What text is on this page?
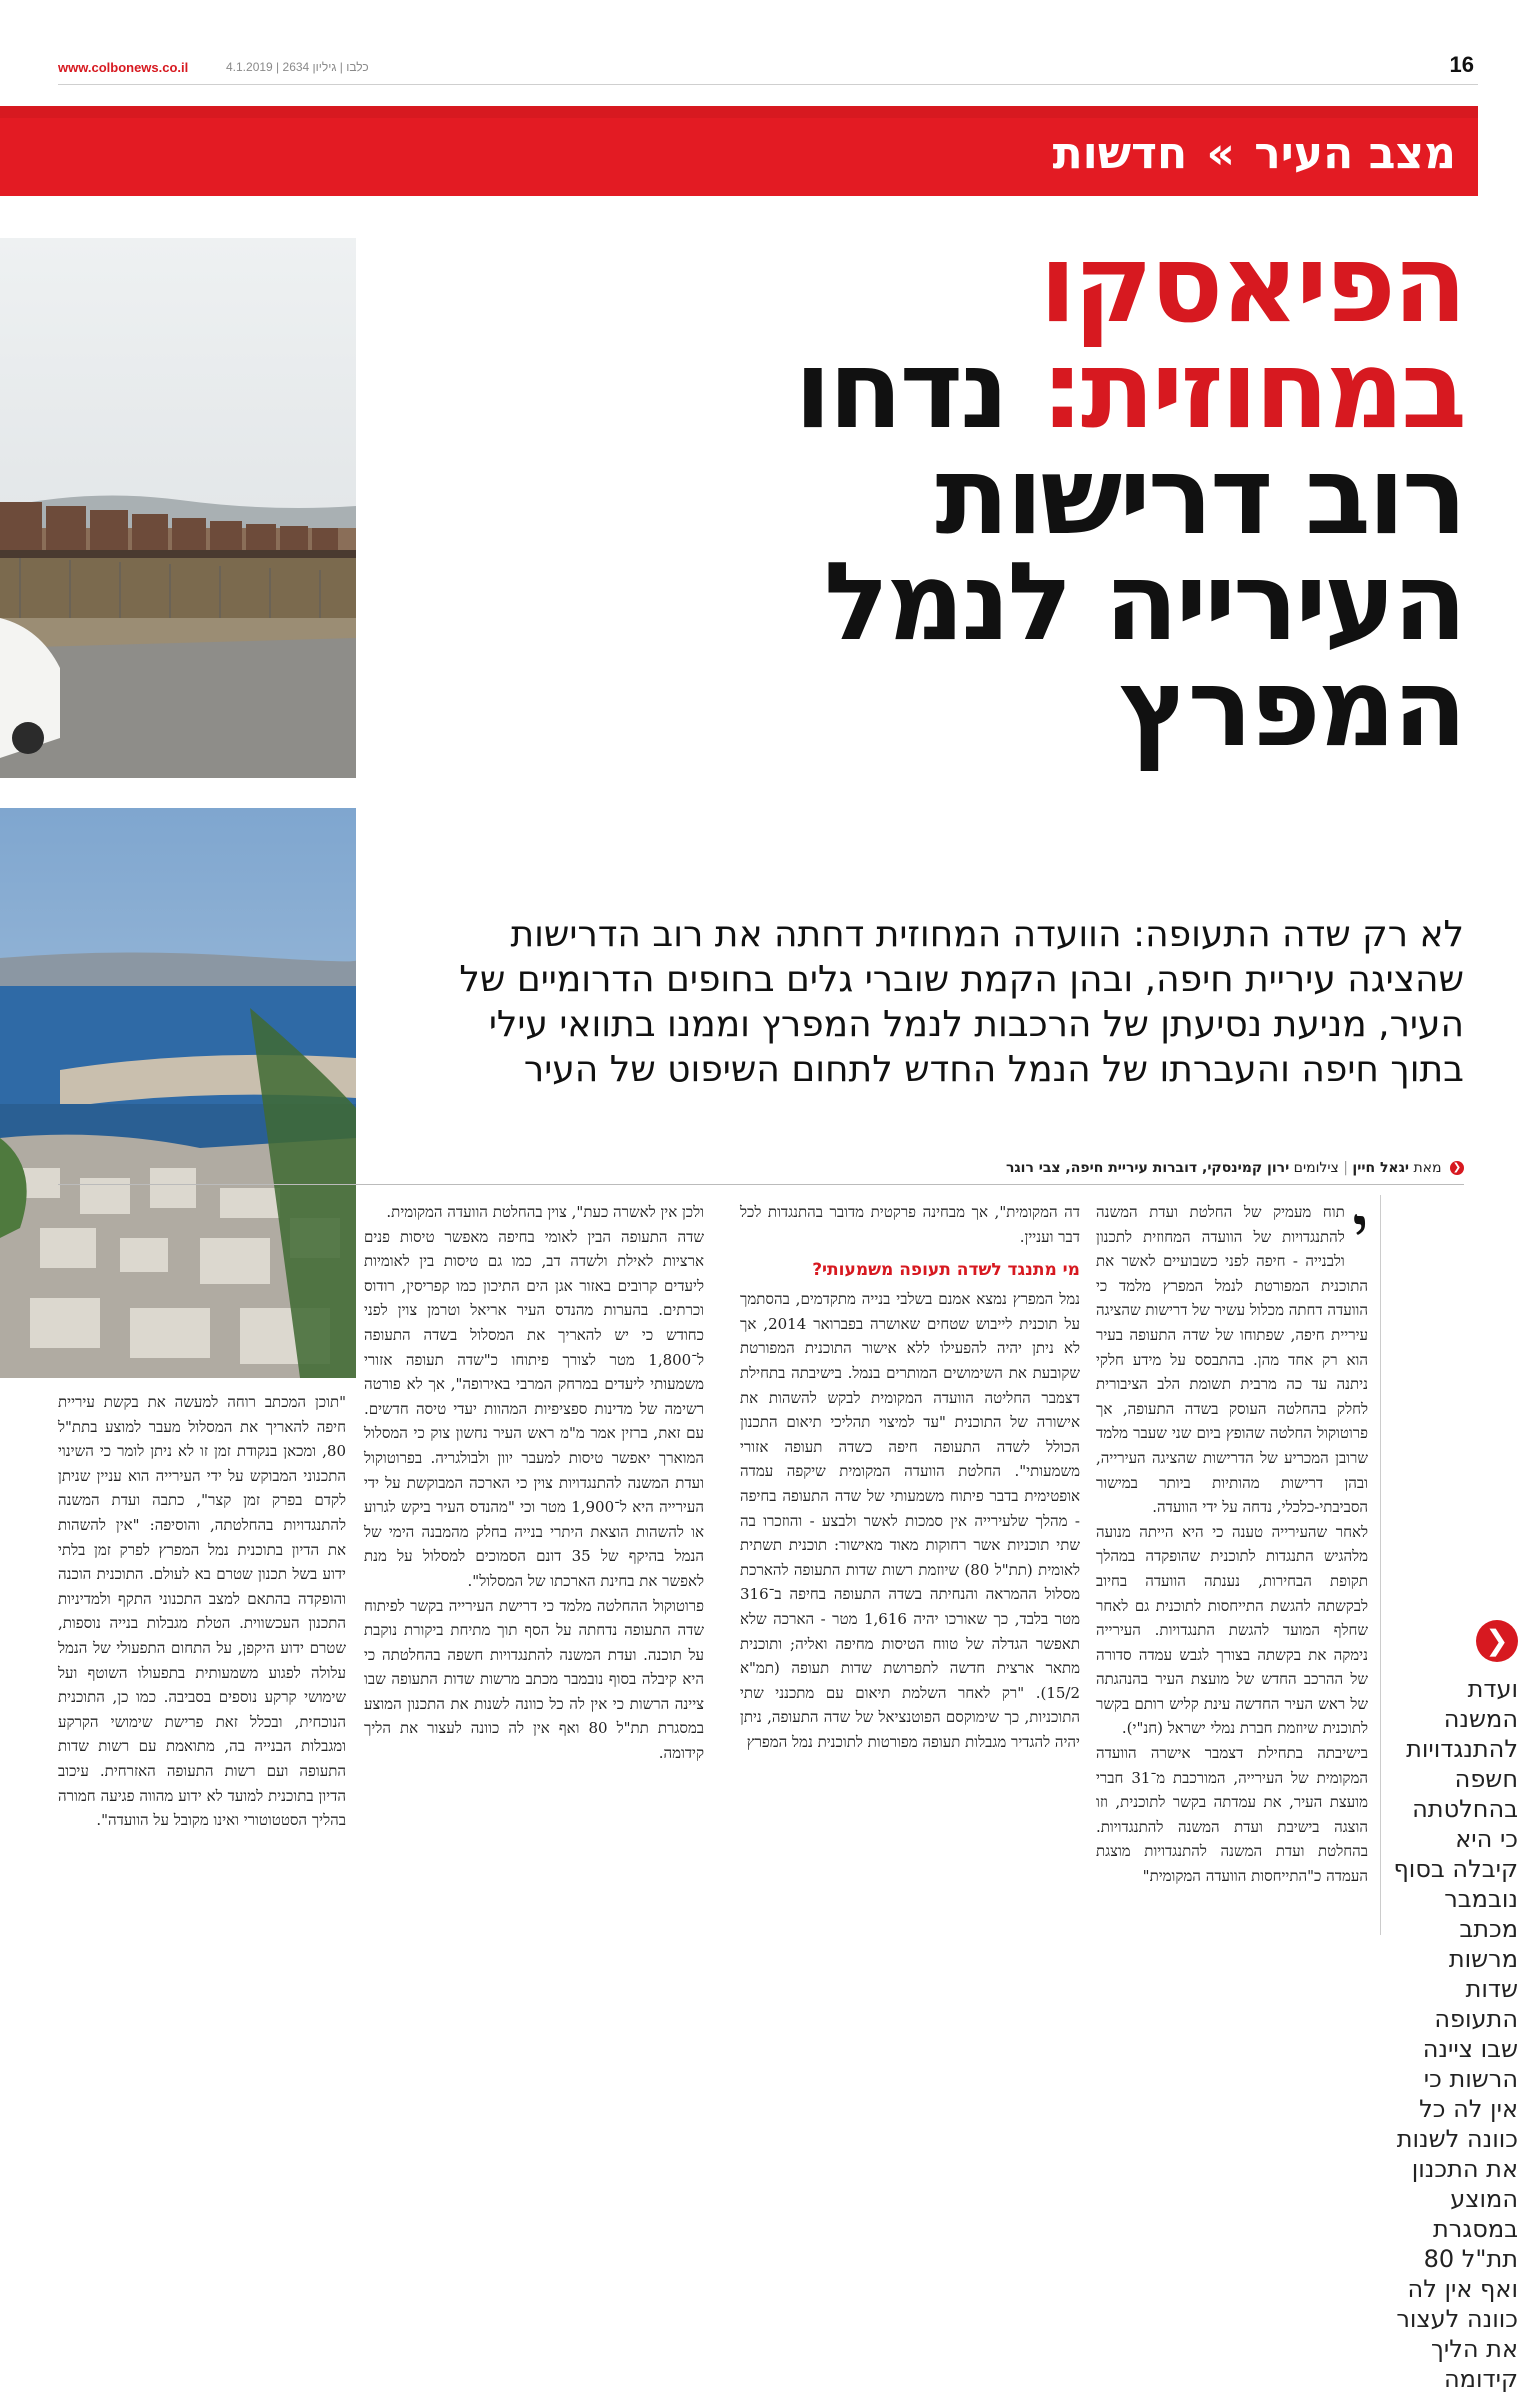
www.colbonews.co.il	כלבו | גיליון 2634 | 4.1.2019	16
מצב העיר » חדשות
הפיאסקו
במחוזית: נדחו
רוב דרישות
העירייה לנמל
המפרץ
לא רק שדה התעופה: הוועדה המחוזית דחתה את רוב הדרישות שהציגה עיריית חיפה, ובהן הקמת שוברי גלים בחופים הדרומיים של העיר, מניעת נסיעתן של הרכבות לנמל המפרץ וממנו בתוואי עילי בתוך חיפה והעברתו של הנמל החדש לתחום השיפוט של העיר
❮ מאת יגאל חיין | צילומים ירון קמינסקי, דוברות עיריית חיפה, צבי רוגר
י

תוח מעמיק של החלטת ועדת המשנה להתנגדויות של הוועדה המחוזית לתכנון ולבנייה - חיפה לפני כשבועיים לאשר את התוכנית המפורטת לנמל המפרץ מלמד כי הוועדה דחתה מכלול עשיר של דרישות שהציגה עיריית חיפה, שפתוחו של שדה התעופה בעיר הוא רק אחד מהן. בהתבסס על מידע חלקי ניתנה עד כה מרבית תשומת הלב הציבורית לחלק בהחלטה העוסק בשדה התעופה, אך פרוטוקול החלטה שהופץ ביום שני שעבר מלמד שרובן המכריע של הדרישות שהציגה העירייה, ובהן דרישות מהותיות ביותר במישור הסביבתי-כלכלי, נדחה על ידי הוועדה.

לאחר שהעירייה טענה כי היא הייתה מנועה מלהגיש התנגדות לתוכנית שהופקדה במהלך תקופת הבחירות, נענתה הוועדה בחיוב לבקשתה להגשת התייחסות לתוכנית גם לאחר שחלף המועד להגשת התנגדויות. העירייה נימקה את בקשתה בצורך לגבש עמדה סדורה של ההרכב החדש של מועצת העיר בהנהגתה של ראש העיר החדשה עינת קליש רותם בקשר לתוכנית שיוזמת חברת נמלי ישראל (חנ"י).

בישיבתה בתחילת דצמבר אישרה הוועדה המקומית של העירייה, המורכבת מ־31 חברי מועצת העיר, את עמדתה בקשר לתוכנית, וזו הוצגה בישיבת ועדת המשנה להתנגדויות. בהחלטת ועדת המשנה להתנגדויות מוצגת העמדה כ"התייחסות הוועדה המקומית"

דה המקומית", אך מבחינה פרקטית מדובר בהתנגדות לכל דבר ועניין.

מי מתנגד לשדה תעופה משמעותי?

נמל המפרץ נמצא אמנם בשלבי בנייה מתקדמים, בהסתמך על תוכנית לייבוש שטחים שאושרה בפברואר 2014, אך לא ניתן יהיה להפעילו ללא אישור התוכנית המפורטת שקובעת את השימושים המותרים בנמל. בישיבתה בתחילת דצמבר החליטה הוועדה המקומית לבקש להשהות את אישורה של התוכנית "עד למיצוי תהליכי תיאום התכנון הכולל לשדה התעופה חיפה כשדה תעופה אזורי משמעותי". החלטת הוועדה המקומית שיקפה עמדה אופטימית בדבר פיתוח משמעותי של שדה התעופה בחיפה - מהלך שלעירייה אין סמכות לאשר ולבצע - והוזכרו בה שתי תוכניות אשר רחוקות מאוד מאישור: תוכנית תשתית לאומית (תת"ל 80) שיוזמת רשות שדות התעופה להארכת מסלול ההמראה והנחיתה בשדה התעופה בחיפה ב־316 מטר בלבד, כך שאורכו יהיה 1,616 מטר - הארכה שלא תאפשר הגדלה של טווח הטיסות מחיפה ואליה; ותוכנית מתאר ארצית חדשה לתפרושת שדות תעופה (תמ"א 15/2). "רק לאחר השלמת תיאום עם מתכנני שתי התוכניות, כך שימוקסם הפוטנציאל של שדה התעופה, ניתן יהיה להגדיר מגבלות תעופה מפורטות לתוכנית נמל המפרץ

ולכן אין לאשרה כעת", צוין בהחלטת הוועדה המקומית.

שדה התעופה הבין לאומי בחיפה מאפשר טיסות פנים ארציות לאילת ולשדה דב, כמו גם טיסות בין לאומיות ליעדים קרובים באזור אגן הים התיכון כמו קפריסין, רודוס וכרתים. בהערות מהנדס העיר אריאל וטרמן צוין לפני כחודש כי יש להאריך את המסלול בשדה התעופה ל־1,800 מטר לצורך פיתוחו כ"שדה תעופה אזורי משמעותי ליעדים במרחק המרבי באירופה", אך לא פורטה רשימה של מדינות ספציפיות המהוות יעדי טיסה חדשים. עם זאת, ברזין אמר מ"מ ראש העיר נחשון צוק כי המסלול המוארך יאפשר טיסות למעבר יוון ולבולגריה. בפרוטוקול ועדת המשנה להתנגדויות צוין כי הארכה המבוקשת על ידי העירייה היא ל־1,900 מטר וכי "מהנדס העיר ביקש לגרוע או להשהות הוצאת היתרי בנייה בחלק מהמבנה הימי של הנמל בהיקף של 35 דונם הסמוכים למסלול על מנת לאפשר את בחינת הארכתו של המסלול".

פרוטוקול ההחלטה מלמד כי דרישת העירייה בקשר לפיתוח שדה התעופה נדחתה על הסף תוך מתיחת ביקורת נוקבת על תוכנה. ועדת המשנה להתנגדויות חשפה בהחלטתה כי היא קיבלה בסוף נובמבר מכתב מרשות שדות התעופה שבו ציינה הרשות כי אין לה כל כוונה לשנות את התכנון המוצע במסגרת תת"ל 80 ואף אין לה כוונה לעצור את הליך קידומה.

"תוכן המכתב רוחה למעשה את בקשת עיריית חיפה להאריך את המסלול מעבר למוצע בתת"ל 80, ומכאן בנקודת זמן זו לא ניתן לומר כי השינוי התכנוני המבוקש על ידי העירייה הוא עניין שניתן לקדם בפרק זמן קצר", כתבה ועדת המשנה להתנגדויות בהחלטתה, והוסיפה: "אין להשהות את הדיון בתוכנית נמל המפרץ לפרק זמן בלתי ידוע בשל תכנון שטרם בא לעולם. התוכנית הוכנה והופקדה בהתאם למצב התכנוני התקף ולמדיניות התכנון העכשווית. הטלת מגבלות בנייה נוספות, שטרם ידוע היקפן, על התחום התפעולי של הנמל עלולה לפגוע משמעותית בתפעולו השוטף ועל שימושי קרקע נוספים בסביבה. כמו כן, התוכנית הנוכחית, ובכלל זאת פרישת שימושי הקרקע ומגבלות הבנייה בה, מתואמת עם רשות שדות התעופה ועם רשות התעופה האזרחית. עיכוב הדיון בתוכנית למועד לא ידוע מהווה פגיעה חמורה בהליך הסטטוטורי ואינו מקובל על הוועדה".

❮
ועדת המשנה להתנגדויות חשפה בהחלטתה כי היא קיבלה בסוף נובמבר מכתב מרשות שדות התעופה שבו ציינה הרשות כי אין לה כל כוונה לשנות את התכנון המוצע במסגרת תת"ל 80 ואף אין לה כוונה לעצור את הליך קידומה
